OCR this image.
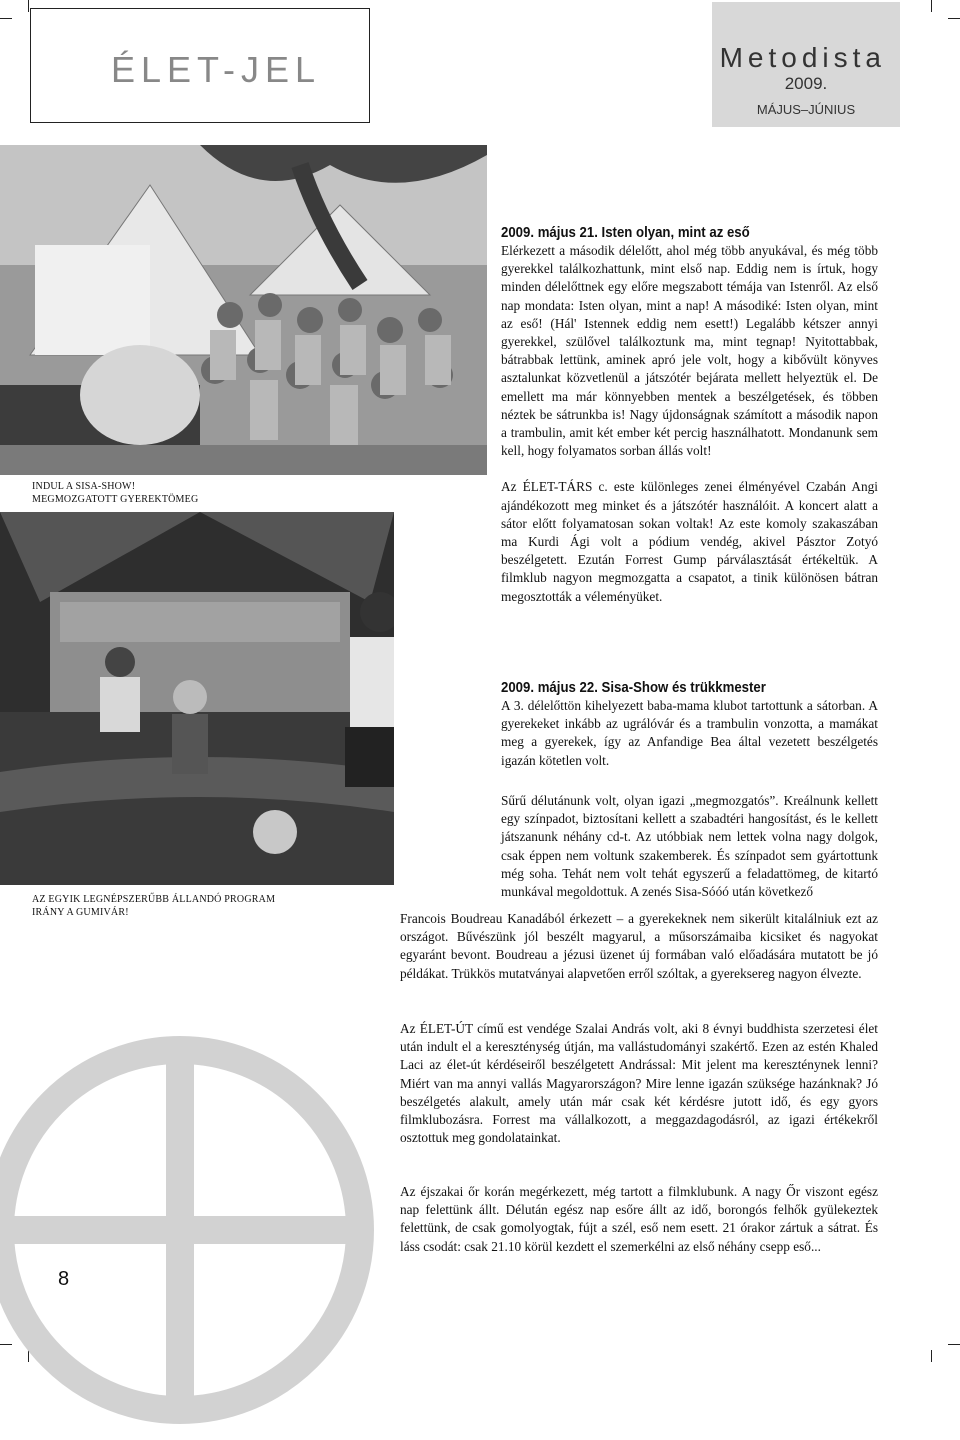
ÉLET-JEL	Metodista
2009.
MÁJUS–JÚNIUS
INDUL A SISA-SHOW!
MEGMOZGATOTT GYEREKTÖMEG
AZ EGYIK LEGNÉPSZERŰBB ÁLLANDÓ PROGRAM
IRÁNY A GUMIVÁR!
2009. május 21. Isten olyan, mint az eső

Elérkezett a második délelőtt, ahol még több anyukával, és még több gyerekkel találkozhattunk, mint első nap. Eddig nem is írtuk, hogy minden délelőttnek egy előre megszabott témája van Istenről. Az első nap mondata: Isten olyan, mint a nap! A másodiké: Isten olyan, mint az eső! (Hál' Istennek eddig nem esett!) Legalább kétszer annyi gyerekkel, szülővel találkoztunk ma, mint tegnap! Nyitottabbak, bátrabbak lettünk, aminek apró jele volt, hogy a kibővült könyves asztalunkat közvetlenül a játszótér bejárata mellett helyeztük el. De emellett ma már könnyebben mentek a beszélgetések, és többen néztek be sátrunkba is! Nagy újdonságnak számított a második napon a trambulin, amit két ember két percig használhatott. Mondanunk sem kell, hogy folyamatos sorban állás volt!

Az ÉLET-TÁRS c. este különleges zenei élményével Czabán Angi ajándékozott meg minket és a játszótér használóit. A koncert alatt a sátor előtt folyamatosan sokan voltak! Az este komoly szakaszában ma Kurdi Ági volt a pódium vendég, akivel Pásztor Zotyó beszélgetett. Ezután Forrest Gump párválasztását értékeltük. A filmklub nagyon megmozgatta a csapatot, a tinik különösen bátran megosztották a véleményüket.

2009. május 22. Sisa-Show és trükkmester

A 3. délelőttön kihelyezett baba-mama klubot tartottunk a sátorban. A gyerekeket inkább az ugrálóvár és a trambulin vonzotta, a mamákat meg a gyerekek, így az Anfandige Bea által vezetett beszélgetés igazán kötetlen volt.

Sűrű délutánunk volt, olyan igazi „megmozgatós”. Kreálnunk kellett egy színpadot, biztosítani kellett a szabadtéri hangosítást, és le kellett játszanunk néhány cd-t. Az utóbbiak nem lettek volna nagy dolgok, csak éppen nem voltunk szakemberek. És színpadot sem gyártottunk még soha. Tehát nem volt tehát egyszerű a feladattömeg, de kitartó munkával megoldottuk. A zenés Sisa-Sóóó után következő
Francois Boudreau Kanadából érkezett – a gyerekeknek nem sikerült kitalálniuk ezt az országot. Bűvészünk jól beszélt magyarul, a műsorszámaiba kicsiket és nagyokat egyaránt bevont. Boudreau a jézusi üzenet új formában való előadására mutatott be jó példákat. Trükkös mutatványai alapvetően erről szóltak, a gyereksereg nagyon élvezte.
Az ÉLET-ÚT című est vendége Szalai András volt, aki 8 évnyi buddhista szerzetesi élet után indult el a kereszténység útján, ma vallástudományi szakértő. Ezen az estén Khaled Laci az élet-út kérdéseiről beszélgetett Andrással: Mit jelent ma kereszténynek lenni? Miért van ma annyi vallás Magyarországon? Mire lenne igazán szüksége hazánknak? Jó beszélgetés alakult, amely után már csak két kérdésre jutott idő, és egy gyors filmklubozásra. Forrest ma vállalkozott, a meggazdagodásról, az igazi értékekről osztottuk meg gondolatainkat.
Az éjszakai őr korán megérkezett, még tartott a filmklubunk. A nagy Őr viszont egész nap felettünk állt. Délután egész nap esőre állt az idő, borongós felhők gyülekeztek felettünk, de csak gomolyogtak, fújt a szél, eső nem esett. 21 órakor zártuk a sátrat. És láss csodát: csak 21.10 körül kezdett el szemerkélni az első néhány csepp eső...
8
